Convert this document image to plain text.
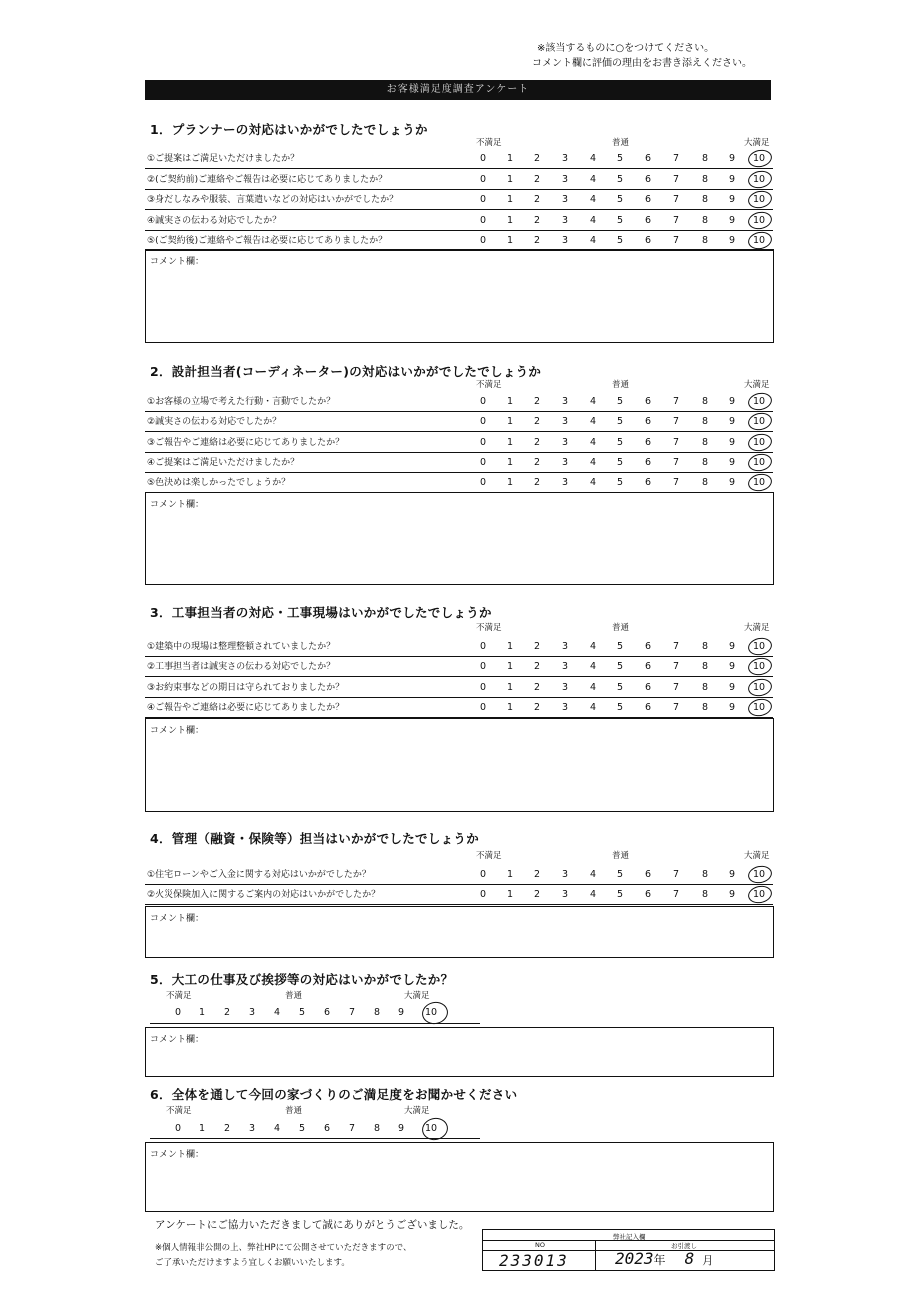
※該当するものに○をつけてください。
コメント欄に評価の理由をお書き添えください。
お客様満足度調査アンケート
1．プランナーの対応はいかがでしたでしょうか
不満足	普通	大満足
①ご提案はご満足いただけましたか？	0	1	2	3	4	5	6	7	8	9	10
②(ご契約前)ご連絡やご報告は必要に応じてありましたか？	0	1	2	3	4	5	6	7	8	9	10
③身だしなみや服装、言葉遣いなどの対応はいかがでしたか？	0	1	2	3	4	5	6	7	8	9	10
④誠実さの伝わる対応でしたか？	0	1	2	3	4	5	6	7	8	9	10
⑤(ご契約後)ご連絡やご報告は必要に応じてありましたか？	0	1	2	3	4	5	6	7	8	9	10
コメント欄：
2．設計担当者(コーディネーター)の対応はいかがでしたでしょうか
不満足	普通	大満足
①お客様の立場で考えた行動・言動でしたか？	0	1	2	3	4	5	6	7	8	9	10
②誠実さの伝わる対応でしたか？	0	1	2	3	4	5	6	7	8	9	10
③ご報告やご連絡は必要に応じてありましたか？	0	1	2	3	4	5	6	7	8	9	10
④ご提案はご満足いただけましたか？	0	1	2	3	4	5	6	7	8	9	10
⑤色決めは楽しかったでしょうか？	0	1	2	3	4	5	6	7	8	9	10
コメント欄：
3．工事担当者の対応・工事現場はいかがでしたでしょうか
不満足	普通	大満足
①建築中の現場は整理整頓されていましたか？	0	1	2	3	4	5	6	7	8	9	10
②工事担当者は誠実さの伝わる対応でしたか？	0	1	2	3	4	5	6	7	8	9	10
③お約束事などの期日は守られておりましたか？	0	1	2	3	4	5	6	7	8	9	10
④ご報告やご連絡は必要に応じてありましたか？	0	1	2	3	4	5	6	7	8	9	10
コメント欄：
4．管理（融資・保険等）担当はいかがでしたでしょうか
不満足	普通	大満足
①住宅ローンやご入金に関する対応はいかがでしたか？	0	1	2	3	4	5	6	7	8	9	10
②火災保険加入に関するご案内の対応はいかがでしたか？	0	1	2	3	4	5	6	7	8	9	10
コメント欄：
5．大工の仕事及び挨拶等の対応はいかがでしたか？
不満足	普通	大満足
0 1 2 3 4 5 6 7 8 9 10
コメント欄：
6．全体を通して今回の家づくりのご満足度をお聞かせください
不満足	普通	大満足
0 1 2 3 4 5 6 7 8 9 10
コメント欄：
アンケートにご協力いただきまして誠にありがとうございました。
※個人情報非公開の上、弊社HPにて公開させていただきますので、
ご了承いただけますよう宜しくお願いいたします。
弊社記入欄
NO	お引渡し
233013	2023年 8 月
